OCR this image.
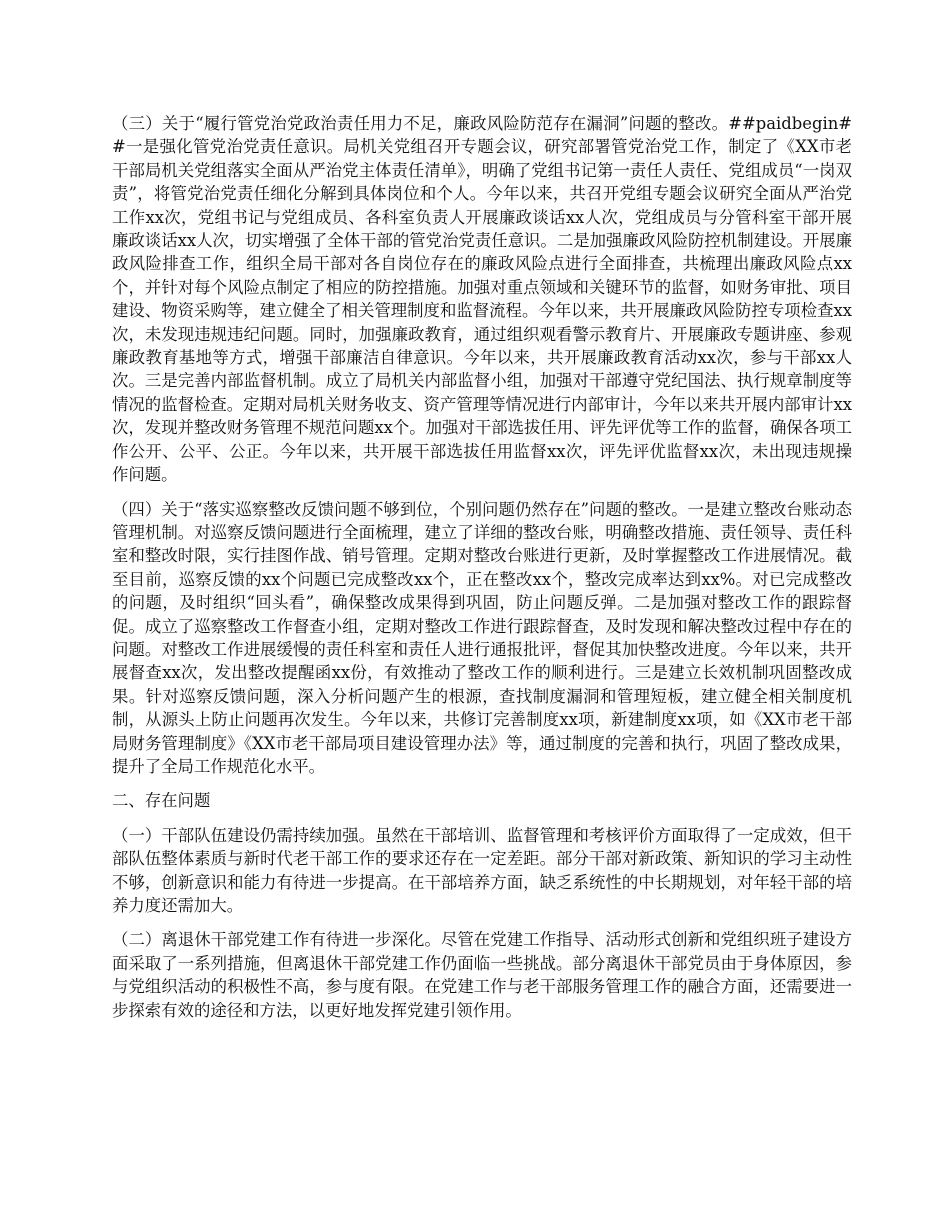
（三）关于“履行管党治党政治责任用力不足，廉政风险防范存在漏洞”问题的整改。##paidbegin##一是强化管党治党责任意识。局机关党组召开专题会议，研究部署管党治党工作，制定了《XX市老干部局机关党组落实全面从严治党主体责任清单》，明确了党组书记第一责任人责任、党组成员“一岗双责”，将管党治党责任细化分解到具体岗位和个人。今年以来，共召开党组专题会议研究全面从严治党工作xx次，党组书记与党组成员、各科室负责人开展廉政谈话xx人次，党组成员与分管科室干部开展廉政谈话xx人次，切实增强了全体干部的管党治党责任意识。二是加强廉政风险防控机制建设。开展廉政风险排查工作，组织全局干部对各自岗位存在的廉政风险点进行全面排查，共梳理出廉政风险点xx个，并针对每个风险点制定了相应的防控措施。加强对重点领域和关键环节的监督，如财务审批、项目建设、物资采购等，建立健全了相关管理制度和监督流程。今年以来，共开展廉政风险防控专项检查xx次，未发现违规违纪问题。同时，加强廉政教育，通过组织观看警示教育片、开展廉政专题讲座、参观廉政教育基地等方式，增强干部廉洁自律意识。今年以来，共开展廉政教育活动xx次，参与干部xx人次。三是完善内部监督机制。成立了局机关内部监督小组，加强对干部遵守党纪国法、执行规章制度等情况的监督检查。定期对局机关财务收支、资产管理等情况进行内部审计，今年以来共开展内部审计xx次，发现并整改财务管理不规范问题xx个。加强对干部选拔任用、评先评优等工作的监督，确保各项工作公开、公平、公正。今年以来，共开展干部选拔任用监督xx次，评先评优监督xx次，未出现违规操作问题。

（四）关于“落实巡察整改反馈问题不够到位，个别问题仍然存在”问题的整改。一是建立整改台账动态管理机制。对巡察反馈问题进行全面梳理，建立了详细的整改台账，明确整改措施、责任领导、责任科室和整改时限，实行挂图作战、销号管理。定期对整改台账进行更新，及时掌握整改工作进展情况。截至目前，巡察反馈的xx个问题已完成整改xx个，正在整改xx个，整改完成率达到xx%。对已完成整改的问题，及时组织“回头看”，确保整改成果得到巩固，防止问题反弹。二是加强对整改工作的跟踪督促。成立了巡察整改工作督查小组，定期对整改工作进行跟踪督查，及时发现和解决整改过程中存在的问题。对整改工作进展缓慢的责任科室和责任人进行通报批评，督促其加快整改进度。今年以来，共开展督查xx次，发出整改提醒函xx份，有效推动了整改工作的顺利进行。三是建立长效机制巩固整改成果。针对巡察反馈问题，深入分析问题产生的根源，查找制度漏洞和管理短板，建立健全相关制度机制，从源头上防止问题再次发生。今年以来，共修订完善制度xx项，新建制度xx项，如《XX市老干部局财务管理制度》《XX市老干部局项目建设管理办法》等，通过制度的完善和执行，巩固了整改成果，提升了全局工作规范化水平。

二、存在问题

（一）干部队伍建设仍需持续加强。虽然在干部培训、监督管理和考核评价方面取得了一定成效，但干部队伍整体素质与新时代老干部工作的要求还存在一定差距。部分干部对新政策、新知识的学习主动性不够，创新意识和能力有待进一步提高。在干部培养方面，缺乏系统性的中长期规划，对年轻干部的培养力度还需加大。

（二）离退休干部党建工作有待进一步深化。尽管在党建工作指导、活动形式创新和党组织班子建设方面采取了一系列措施，但离退休干部党建工作仍面临一些挑战。部分离退休干部党员由于身体原因，参与党组织活动的积极性不高，参与度有限。在党建工作与老干部服务管理工作的融合方面，还需要进一步探索有效的途径和方法，以更好地发挥党建引领作用。
